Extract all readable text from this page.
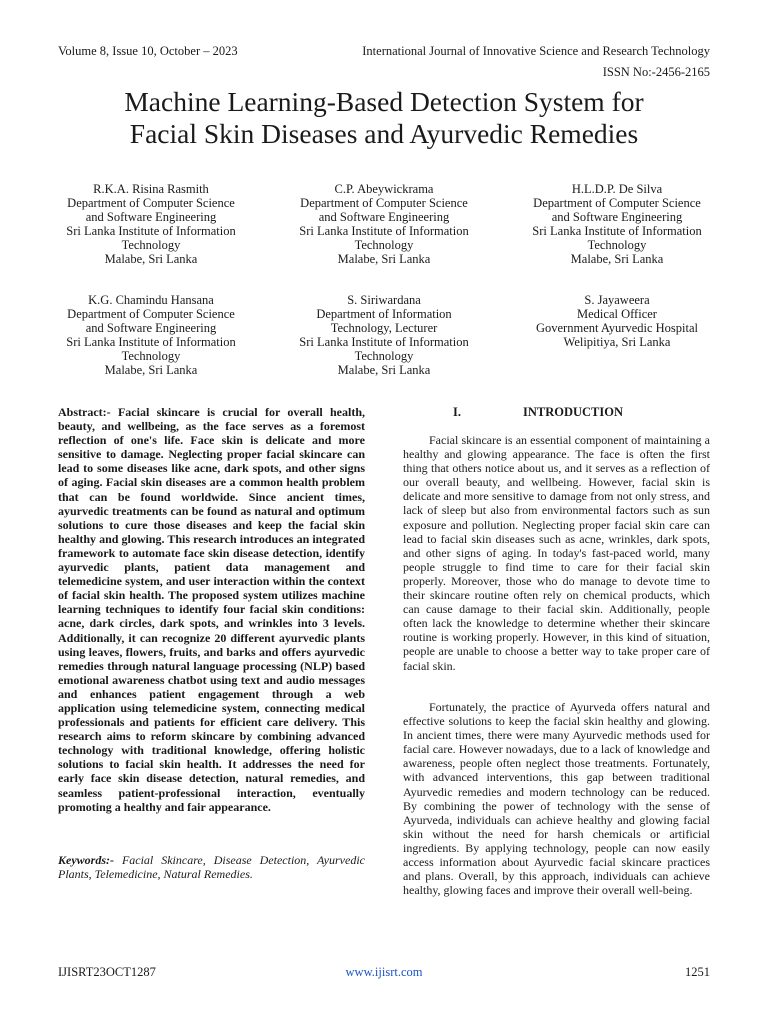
Volume 8, Issue 10, October – 2023	International Journal of Innovative Science and Research Technology
ISSN No:-2456-2165
Machine Learning-Based Detection System for
Facial Skin Diseases and Ayurvedic Remedies
R.K.A. Risina Rasmith
Department of Computer Science
and Software Engineering
Sri Lanka Institute of Information
Technology
Malabe, Sri Lanka
C.P. Abeywickrama
Department of Computer Science
and Software Engineering
Sri Lanka Institute of Information
Technology
Malabe, Sri Lanka
H.L.D.P. De Silva
Department of Computer Science
and Software Engineering
Sri Lanka Institute of Information
Technology
Malabe, Sri Lanka
K.G. Chamindu Hansana
Department of Computer Science
and Software Engineering
Sri Lanka Institute of Information
Technology
Malabe, Sri Lanka
S. Siriwardana
Department of Information
Technology, Lecturer
Sri Lanka Institute of Information
Technology
Malabe, Sri Lanka
S. Jayaweera
Medical Officer
Government Ayurvedic Hospital
Welipitiya, Sri Lanka
Abstract:- Facial skincare is crucial for overall health, beauty, and wellbeing, as the face serves as a foremost reflection of one's life. Face skin is delicate and more sensitive to damage. Neglecting proper facial skincare can lead to some diseases like acne, dark spots, and other signs of aging. Facial skin diseases are a common health problem that can be found worldwide. Since ancient times, ayurvedic treatments can be found as natural and optimum solutions to cure those diseases and keep the facial skin healthy and glowing. This research introduces an integrated framework to automate face skin disease detection, identify ayurvedic plants, patient data management and telemedicine system, and user interaction within the context of facial skin health. The proposed system utilizes machine learning techniques to identify four facial skin conditions: acne, dark circles, dark spots, and wrinkles into 3 levels. Additionally, it can recognize 20 different ayurvedic plants using leaves, flowers, fruits, and barks and offers ayurvedic remedies through natural language processing (NLP) based emotional awareness chatbot using text and audio messages and enhances patient engagement through a web application using telemedicine system, connecting medical professionals and patients for efficient care delivery. This research aims to reform skincare by combining advanced technology with traditional knowledge, offering holistic solutions to facial skin health. It addresses the need for early face skin disease detection, natural remedies, and seamless patient-professional interaction, eventually promoting a healthy and fair appearance.
Keywords:- Facial Skincare, Disease Detection, Ayurvedic Plants, Telemedicine, Natural Remedies.
I.	INTRODUCTION
Facial skincare is an essential component of maintaining a healthy and glowing appearance. The face is often the first thing that others notice about us, and it serves as a reflection of our overall beauty, and wellbeing. However, facial skin is delicate and more sensitive to damage from not only stress, and lack of sleep but also from environmental factors such as sun exposure and pollution. Neglecting proper facial skin care can lead to facial skin diseases such as acne, wrinkles, dark spots, and other signs of aging. In today's fast-paced world, many people struggle to find time to care for their facial skin properly. Moreover, those who do manage to devote time to their skincare routine often rely on chemical products, which can cause damage to their facial skin. Additionally, people often lack the knowledge to determine whether their skincare routine is working properly. However, in this kind of situation, people are unable to choose a better way to take proper care of facial skin.
Fortunately, the practice of Ayurveda offers natural and effective solutions to keep the facial skin healthy and glowing. In ancient times, there were many Ayurvedic methods used for facial care. However nowadays, due to a lack of knowledge and awareness, people often neglect those treatments. Fortunately, with advanced interventions, this gap between traditional Ayurvedic remedies and modern technology can be reduced. By combining the power of technology with the sense of Ayurveda, individuals can achieve healthy and glowing facial skin without the need for harsh chemicals or artificial ingredients. By applying technology, people can now easily access information about Ayurvedic facial skincare practices and plans. Overall, by this approach, individuals can achieve healthy, glowing faces and improve their overall well-being.
IJISRT23OCT1287	www.ijisrt.com	1251
